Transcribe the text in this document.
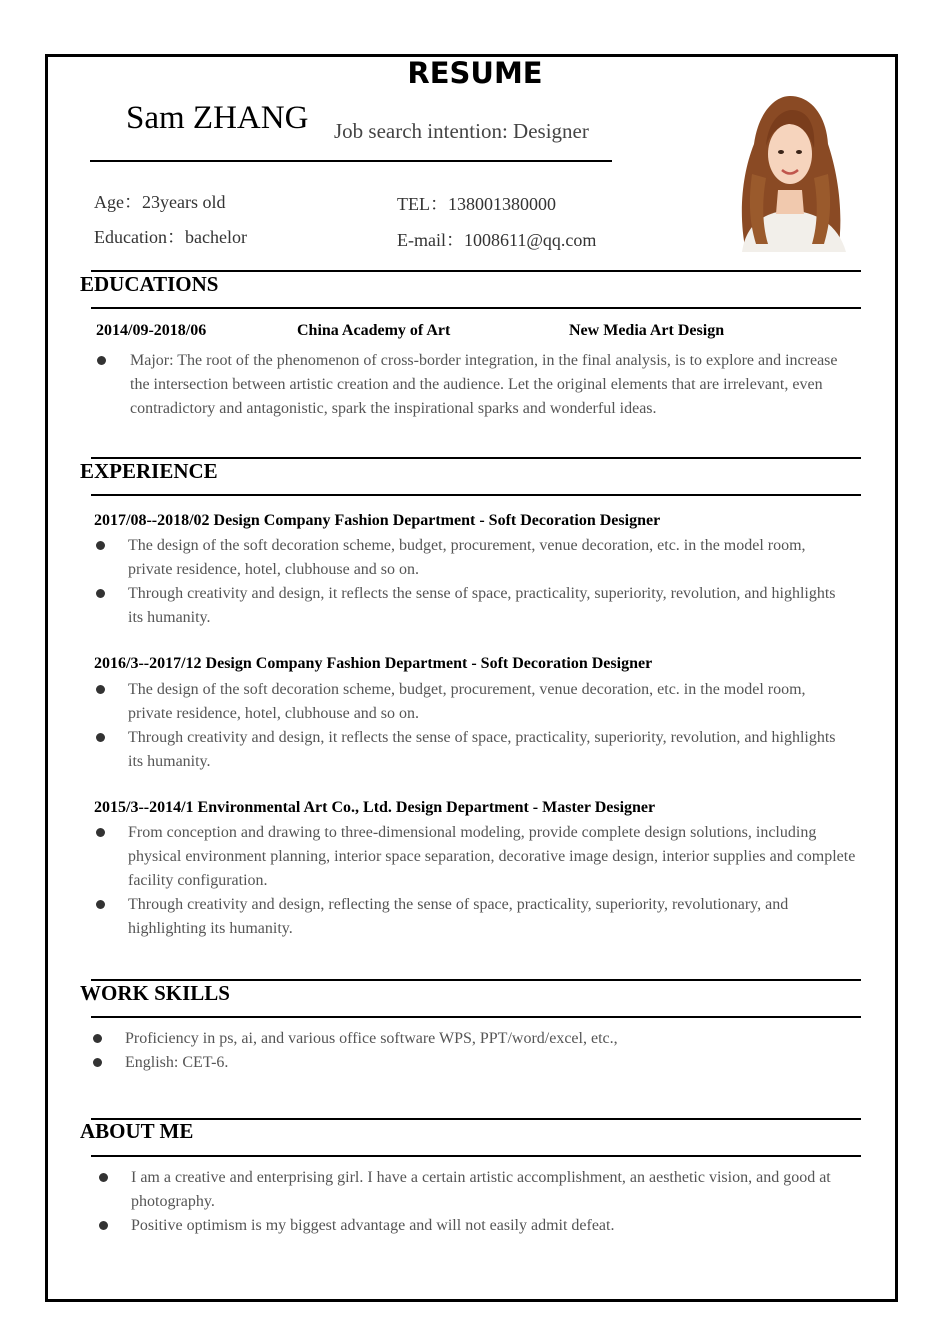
RESUME
Sam ZHANG Job search intention: Designer
Age：23years old
Education：bachelor
TEL：138001380000
E-mail：1008611@qq.com
EDUCATIONS
2014/09-2018/06	China Academy of Art	New Media Art Design
Major: The root of the phenomenon of cross-border integration, in the final analysis, is to explore and increase the intersection between artistic creation and the audience. Let the original elements that are irrelevant, even contradictory and antagonistic, spark the inspirational sparks and wonderful ideas.
EXPERIENCE
2017/08--2018/02 Design Company Fashion Department - Soft Decoration Designer
The design of the soft decoration scheme, budget, procurement, venue decoration, etc. in the model room, private residence, hotel, clubhouse and so on.
Through creativity and design, it reflects the sense of space, practicality, superiority, revolution, and highlights its humanity.
2016/3--2017/12 Design Company Fashion Department - Soft Decoration Designer
The design of the soft decoration scheme, budget, procurement, venue decoration, etc. in the model room, private residence, hotel, clubhouse and so on.
Through creativity and design, it reflects the sense of space, practicality, superiority, revolution, and highlights its humanity.
2015/3--2014/1 Environmental Art Co., Ltd. Design Department - Master Designer
From conception and drawing to three-dimensional modeling, provide complete design solutions, including physical environment planning, interior space separation, decorative image design, interior supplies and complete facility configuration.
Through creativity and design, reflecting the sense of space, practicality, superiority, revolutionary, and highlighting its humanity.
WORK SKILLS
Proficiency in ps, ai, and various office software WPS, PPT/word/excel, etc.,
English: CET-6.
ABOUT ME
I am a creative and enterprising girl. I have a certain artistic accomplishment, an aesthetic vision, and good at photography.
Positive optimism is my biggest advantage and will not easily admit defeat.
